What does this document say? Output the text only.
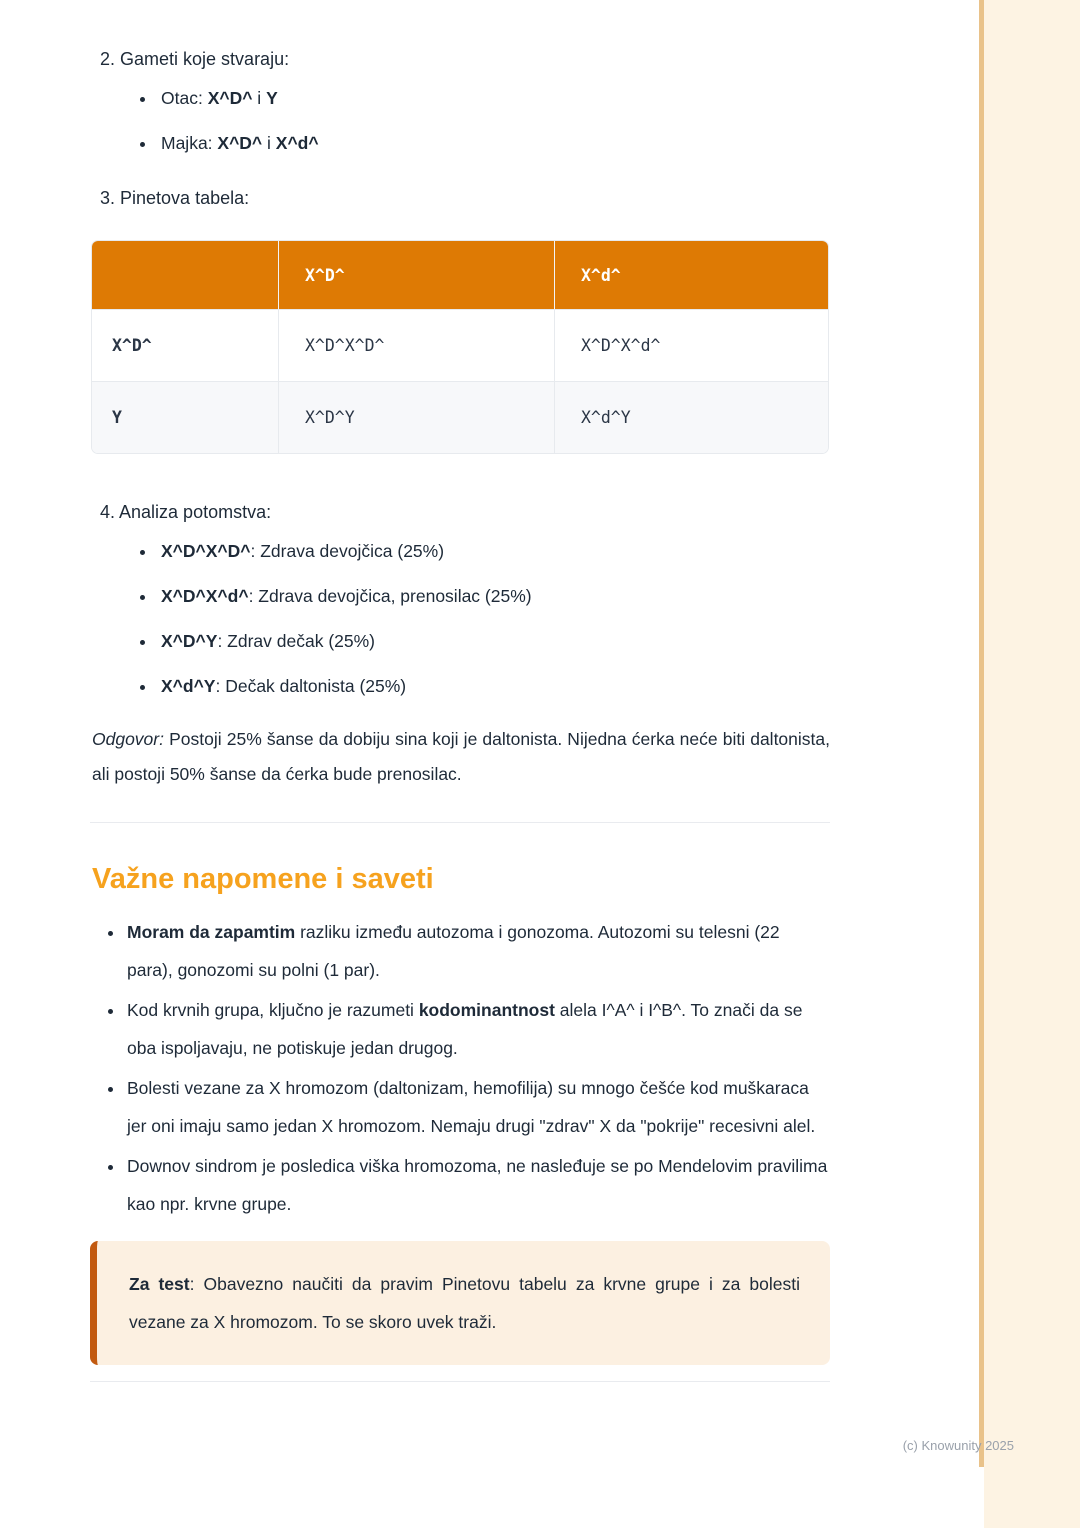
2. Gameti koje stvaraju:
• Otac: X^D^ i Y
• Majka: X^D^ i X^d^
3. Pinetova tabela:
	X^D^	X^d^
X^D^	X^D^X^D^	X^D^X^d^
Y	X^D^Y	X^d^Y
4. Analiza potomstva:
• X^D^X^D^: Zdrava devojčica (25%)
• X^D^X^d^: Zdrava devojčica, prenosilac (25%)
• X^D^Y: Zdrav dečak (25%)
• X^d^Y: Dečak daltonista (25%)

Odgovor: Postoji 25% šanse da dobiju sina koji je daltonista. Nijedna ćerka neće biti daltonista, ali postoji 50% šanse da ćerka bude prenosilac.

Važne napomene i saveti
• Moram da zapamtim razliku između autozoma i gonozoma. Autozomi su telesni (22 para), gonozomi su polni (1 par).
• Kod krvnih grupa, ključno je razumeti kodominantnost alela I^A^ i I^B^. To znači da se oba ispoljavaju, ne potiskuje jedan drugog.
• Bolesti vezane za X hromozom (daltonizam, hemofilija) su mnogo češće kod muškaraca jer oni imaju samo jedan X hromozom. Nemaju drugi "zdrav" X da "pokrije" recesivni alel.
• Downov sindrom je posledica viška hromozoma, ne nasleđuje se po Mendelovim pravilima kao npr. krvne grupe.
Za test: Obavezno naučiti da pravim Pinetovu tabelu za krvne grupe i za bolesti vezane za X hromozom. To se skoro uvek traži.
(c) Knowunity 2025
